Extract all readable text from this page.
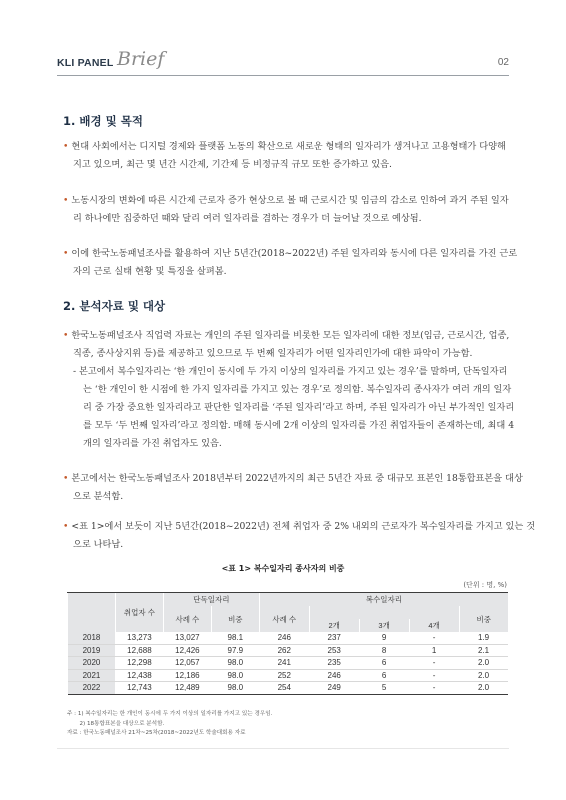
KLI PANEL Brief	02
1. 배경 및 목적
• 현대 사회에서는 디지털 경제와 플랫폼 노동의 확산으로 새로운 형태의 일자리가 생겨나고 고용형태가 다양해
지고 있으며, 최근 몇 년간 시간제, 기간제 등 비정규직 규모 또한 증가하고 있음.
• 노동시장의 변화에 따른 시간제 근로자 증가 현상으로 볼 때 근로시간 및 임금의 감소로 인하여 과거 주된 일자
리 하나에만 집중하던 때와 달리 여러 일자리를 겸하는 경우가 더 늘어날 것으로 예상됨.
• 이에 한국노동패널조사를 활용하여 지난 5년간(2018~2022년) 주된 일자리와 동시에 다른 일자리를 가진 근로
자의 근로 실태 현황 및 특징을 살펴봄.
2. 분석자료 및 대상
• 한국노동패널조사 직업력 자료는 개인의 주된 일자리를 비롯한 모든 일자리에 대한 정보(임금, 근로시간, 업종,
직종, 종사상지위 등)를 제공하고 있으므로 두 번째 일자리가 어떤 일자리인가에 대한 파악이 가능함.
- 본고에서 복수일자리는 ‘한 개인이 동시에 두 가지 이상의 일자리를 가지고 있는 경우’를 말하며, 단독일자리
는 ‘한 개인이 한 시점에 한 가지 일자리를 가지고 있는 경우’로 정의함. 복수일자리 종사자가 여러 개의 일자
리 중 가장 중요한 일자리라고 판단한 일자리를 ‘주된 일자리’라고 하며, 주된 일자리가 아닌 부가적인 일자리
를 모두 ‘두 번째 일자리’라고 정의함. 매해 동시에 2개 이상의 일자리를 가진 취업자들이 존재하는데, 최대 4
개의 일자리를 가진 취업자도 있음.
• 본고에서는 한국노동패널조사 2018년부터 2022년까지의 최근 5년간 자료 중 대규모 표본인 18통합표본을 대상
으로 분석함.
• <표 1>에서 보듯이 지난 5년간(2018~2022년) 전체 취업자 중 2% 내외의 근로자가 복수일자리를 가지고 있는 것
으로 나타남.
<표 1> 복수일자리 종사자의 비중
(단위 : 명, %)
	취업자 수	단독일자리		복수일자리				
		사례 수	비중	사례 수				비중
					2개	3개	4개	
2018	13,273	13,027	98.1	246	237	9	-	1.9
2019	12,688	12,426	97.9	262	253	8	1	2.1
2020	12,298	12,057	98.0	241	235	6	-	2.0
2021	12,438	12,186	98.0	252	246	6	-	2.0
2022	12,743	12,489	98.0	254	249	5	-	2.0
주 : 1) 복수일자리는 한 개인이 동시에 두 가지 이상의 일자리를 가지고 있는 경우임.
2) 18통합표본을 대상으로 분석함.
자료 : 한국노동패널조사 21차~25차(2018~2022년도 학술대회용 자료
